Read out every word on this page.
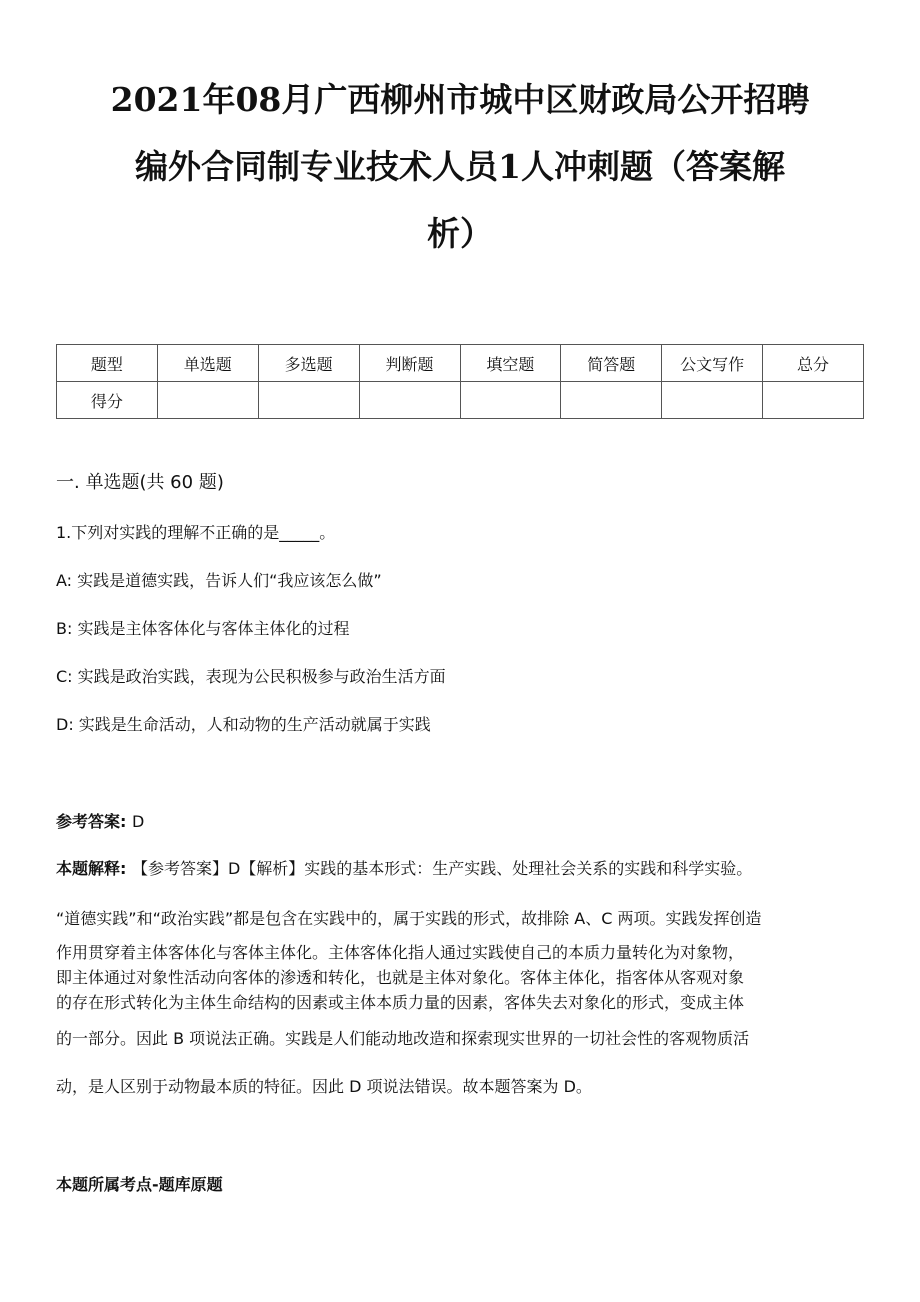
2021年08月广西柳州市城中区财政局公开招聘
编外合同制专业技术人员1人冲刺题（答案解
析）
题型	单选题	多选题	判断题	填空题	简答题	公文写作	总分
得分							
一. 单选题(共 60 题)

1.下列对实践的理解不正确的是_____。

A: 实践是道德实践，告诉人们“我应该怎么做”

B: 实践是主体客体化与客体主体化的过程

C: 实践是政治实践，表现为公民积极参与政治生活方面

D: 实践是生命活动，人和动物的生产活动就属于实践

参考答案: D

本题解释: 【参考答案】D【解析】实践的基本形式：生产实践、处理社会关系的实践和科学实验。

“道德实践”和“政治实践”都是包含在实践中的，属于实践的形式，故排除 A、C 两项。实践发挥创造

作用贯穿着主体客体化与客体主体化。主体客体化指人通过实践使自己的本质力量转化为对象物，

即主体通过对象性活动向客体的渗透和转化，也就是主体对象化。客体主体化，指客体从客观对象

的存在形式转化为主体生命结构的因素或主体本质力量的因素，客体失去对象化的形式，变成主体

的一部分。因此 B 项说法正确。实践是人们能动地改造和探索现实世界的一切社会性的客观物质活

动，是人区别于动物最本质的特征。因此 D 项说法错误。故本题答案为 D。

本题所属考点-题库原题
